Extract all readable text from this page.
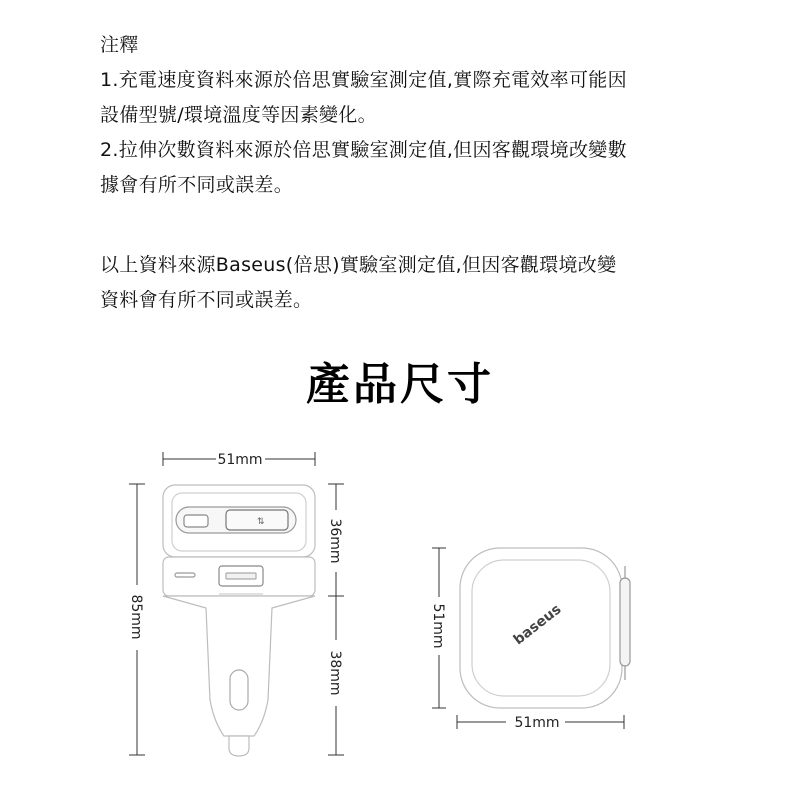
注釋
1.充電速度資料來源於倍思實驗室測定值,實際充電效率可能因
設備型號/環境溫度等因素變化。
2.拉伸次數資料來源於倍思實驗室測定值,但因客觀環境改變數
據會有所不同或誤差。
以上資料來源Baseus(倍思)實驗室測定值,但因客觀環境改變
資料會有所不同或誤差。
產品尺寸
51mm
85mm
36mm
38mm
⇅
51mm
51mm
baseus
